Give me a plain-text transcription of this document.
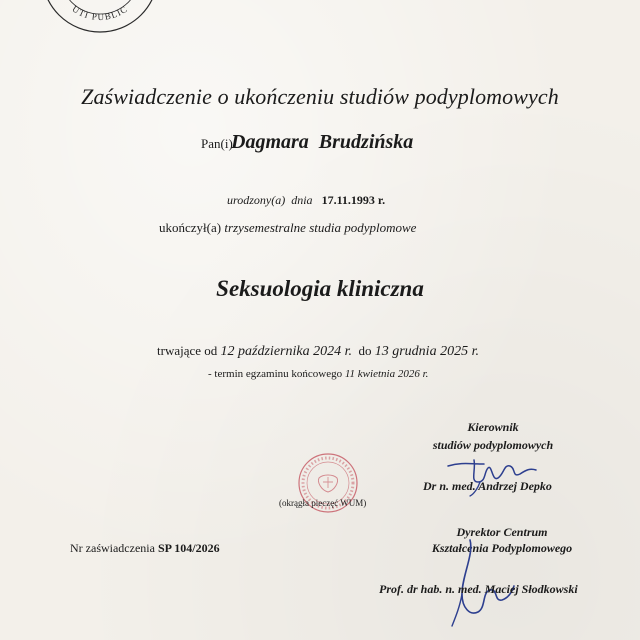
UTI PUBLIC
Zaświadczenie o ukończeniu studiów podyplomowych
Pan(i)
Dagmara Brudzińska
urodzony(a) dnia 17.11.1993 r.
ukończył(a) trzysemestralne studia podyplomowe
Seksuologia kliniczna
trwające od 12 października 2024 r. do 13 grudnia 2025 r.
- termin egzaminu końcowego 11 kwietnia 2026 r.
Kierownik
studiów podyplomowych
Dr n. med. Andrzej Depko
(okrągła pieczęć WUM)
Nr zaświadczenia SP 104/2026
Dyrektor Centrum
Kształcenia Podyplomowego
Prof. dr hab. n. med. Maciej Słodkowski
